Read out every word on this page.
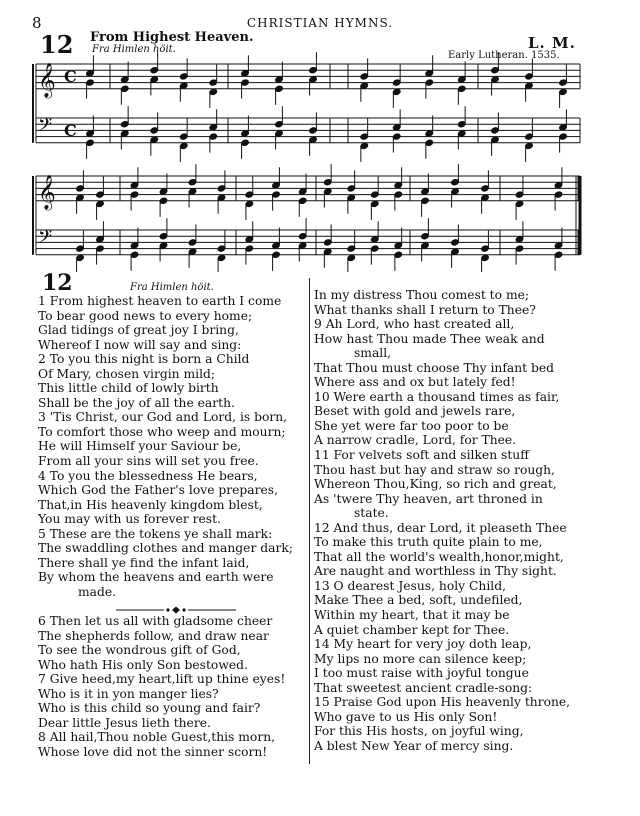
8	CHRISTIAN HYMNS.
12 From Highest Heaven.
Fra Himlen höit.	L. M.
Early Lutheran. 1535.
𝄞 C
𝄢 C
𝄞
𝄢
12	Fra Himlen höit.
1 From highest heaven to earth I come
To bear good news to every home;
Glad tidings of great joy I bring,
Whereof I now will say and sing:
2 To you this night is born a Child
Of Mary, chosen virgin mild;
This little child of lowly birth
Shall be the joy of all the earth.
3 'Tis Christ, our God and Lord, is born,
To comfort those who weep and mourn;
He will Himself your Saviour be,
From all your sins will set you free.
4 To you the blessedness He bears,
Which God the Father's love prepares,
That,in His heavenly kingdom blest,
You may with us forever rest.
5 These are the tokens ye shall mark:
The swaddling clothes and manger dark;
There shall ye find the infant laid,
By whom the heavens and earth were
made.
6 Then let us all with gladsome cheer
The shepherds follow, and draw near
To see the wondrous gift of God,
Who hath His only Son bestowed.
7 Give heed,my heart,lift up thine eyes!
Who is it in yon manger lies?
Who is this child so young and fair?
Dear little Jesus lieth there.
8 All hail,Thou noble Guest,this morn,
Whose love did not the sinner scorn!
In my distress Thou comest to me;
What thanks shall I return to Thee?
9 Ah Lord, who hast created all,
How hast Thou made Thee weak and
small,
That Thou must choose Thy infant bed
Where ass and ox but lately fed!
10 Were earth a thousand times as fair,
Beset with gold and jewels rare,
She yet were far too poor to be
A narrow cradle, Lord, for Thee.
11 For velvets soft and silken stuff
Thou hast but hay and straw so rough,
Whereon Thou,King, so rich and great,
As 'twere Thy heaven, art throned in
state.
12 And thus, dear Lord, it pleaseth Thee
To make this truth quite plain to me,
That all the world's wealth,honor,might,
Are naught and worthless in Thy sight.
13 O dearest Jesus, holy Child,
Make Thee a bed, soft, undefiled,
Within my heart, that it may be
A quiet chamber kept for Thee.
14 My heart for very joy doth leap,
My lips no more can silence keep;
I too must raise with joyful tongue
That sweetest ancient cradle-song:
15 Praise God upon His heavenly throne,
Who gave to us His only Son!
For this His hosts, on joyful wing,
A blest New Year of mercy sing.
